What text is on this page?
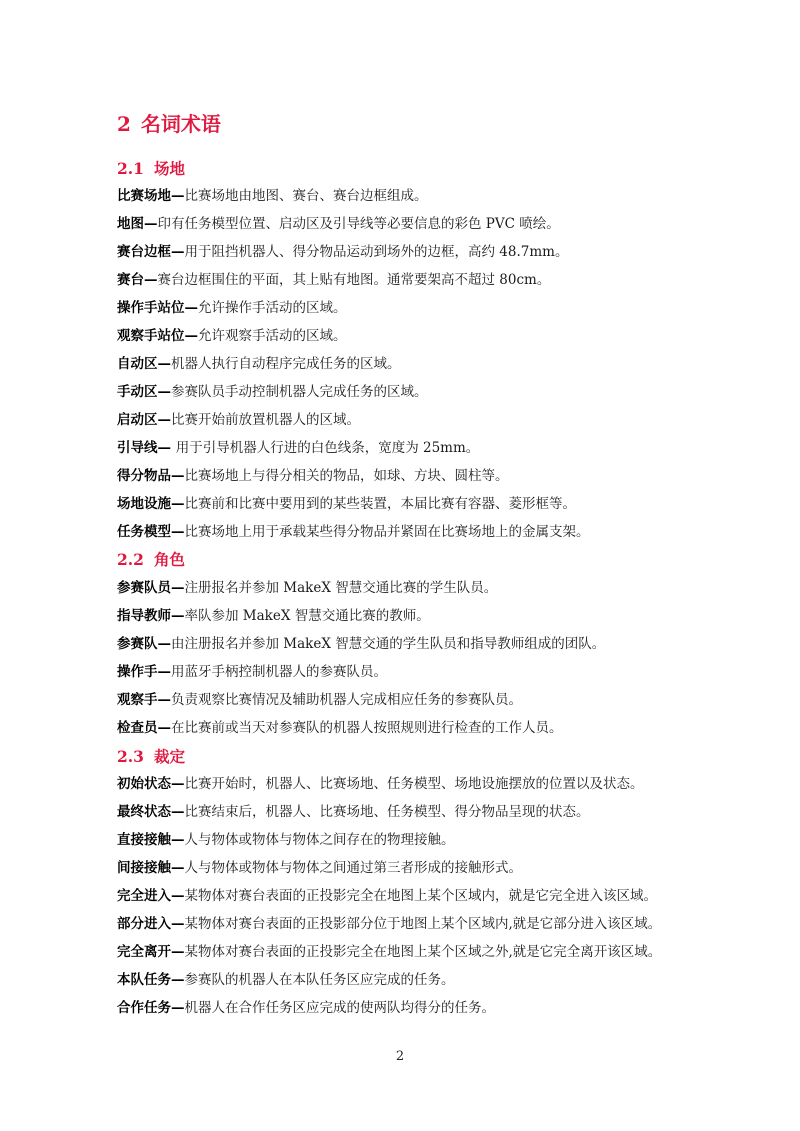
2 名词术语
2.1 场地
比赛场地—比赛场地由地图、赛台、赛台边框组成。
地图—印有任务模型位置、启动区及引导线等必要信息的彩色 PVC 喷绘。
赛台边框—用于阻挡机器人、得分物品运动到场外的边框，高约 48.7mm。
赛台—赛台边框围住的平面，其上贴有地图。通常要架高不超过 80cm。
操作手站位—允许操作手活动的区域。
观察手站位—允许观察手活动的区域。
自动区—机器人执行自动程序完成任务的区域。
手动区—参赛队员手动控制机器人完成任务的区域。
启动区—比赛开始前放置机器人的区域。
引导线— 用于引导机器人行进的白色线条，宽度为 25mm。
得分物品—比赛场地上与得分相关的物品，如球、方块、圆柱等。
场地设施—比赛前和比赛中要用到的某些装置，本届比赛有容器、菱形框等。
任务模型—比赛场地上用于承载某些得分物品并紧固在比赛场地上的金属支架。
2.2 角色
参赛队员—注册报名并参加 MakeX 智慧交通比赛的学生队员。
指导教师—率队参加 MakeX 智慧交通比赛的教师。
参赛队—由注册报名并参加 MakeX 智慧交通的学生队员和指导教师组成的团队。
操作手—用蓝牙手柄控制机器人的参赛队员。
观察手—负责观察比赛情况及辅助机器人完成相应任务的参赛队员。
检查员—在比赛前或当天对参赛队的机器人按照规则进行检查的工作人员。
2.3 裁定
初始状态—比赛开始时，机器人、比赛场地、任务模型、场地设施摆放的位置以及状态。
最终状态—比赛结束后，机器人、比赛场地、任务模型、得分物品呈现的状态。
直接接触—人与物体或物体与物体之间存在的物理接触。
间接接触—人与物体或物体与物体之间通过第三者形成的接触形式。
完全进入—某物体对赛台表面的正投影完全在地图上某个区域内，就是它完全进入该区域。
部分进入—某物体对赛台表面的正投影部分位于地图上某个区域内,就是它部分进入该区域。
完全离开—某物体对赛台表面的正投影完全在地图上某个区域之外,就是它完全离开该区域。
本队任务—参赛队的机器人在本队任务区应完成的任务。
合作任务—机器人在合作任务区应完成的使两队均得分的任务。
2
